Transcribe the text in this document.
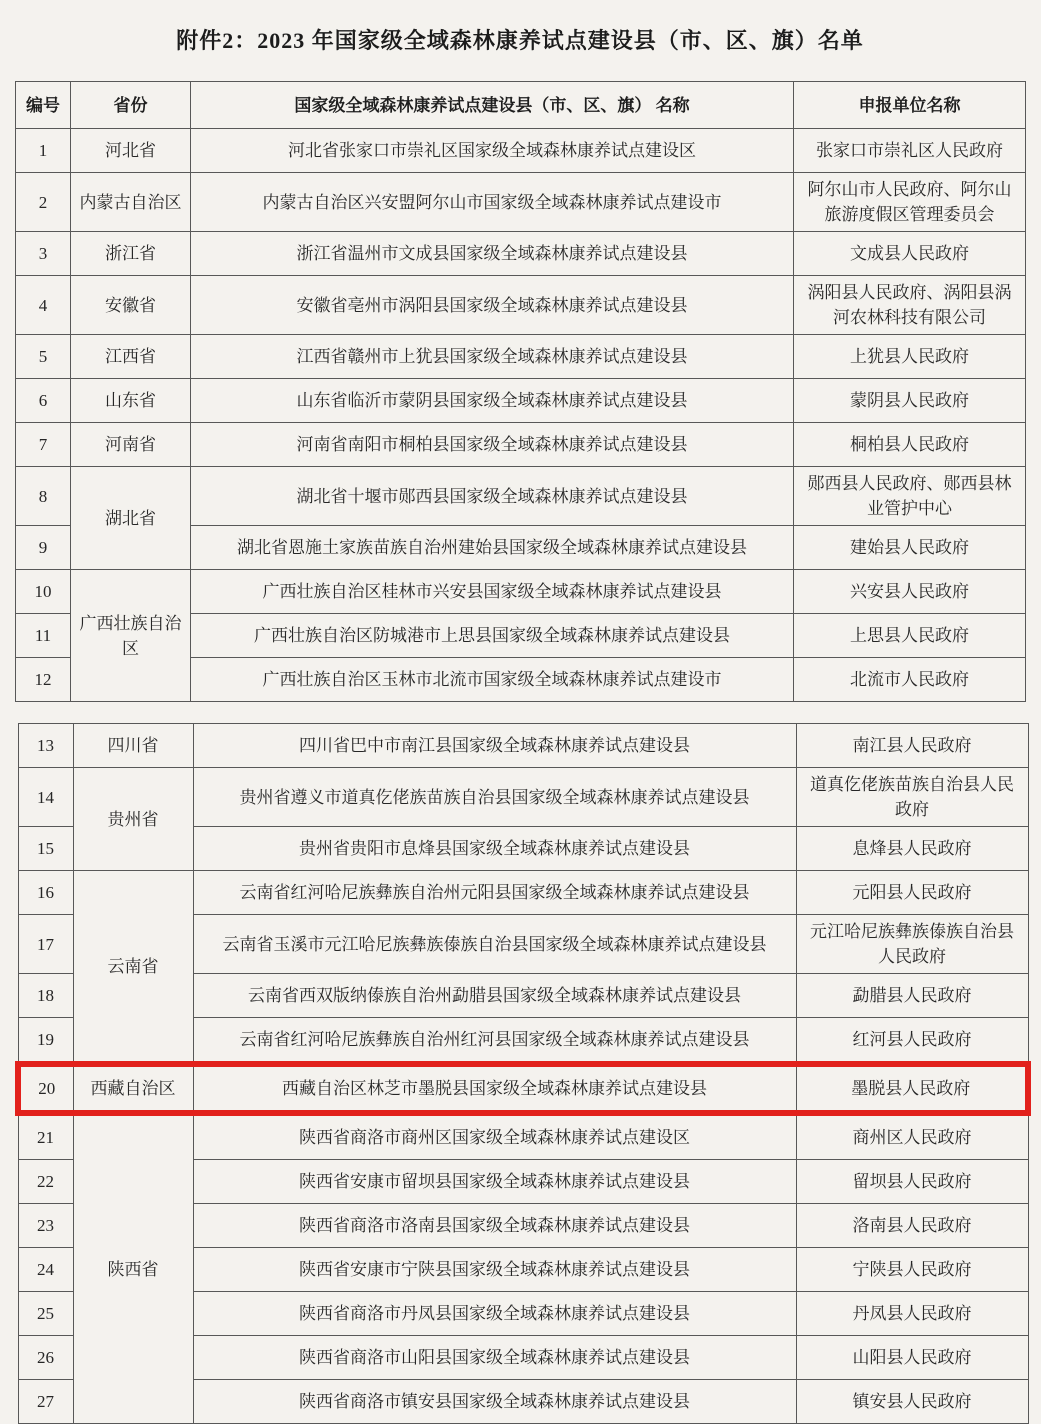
附件2：2023 年国家级全域森林康养试点建设县（市、区、旗）名单
编号	省份	国家级全域森林康养试点建设县（市、区、旗） 名称	申报单位名称
1	河北省	河北省张家口市崇礼区国家级全域森林康养试点建设区	张家口市崇礼区人民政府
2	内蒙古自治区	内蒙古自治区兴安盟阿尔山市国家级全域森林康养试点建设市	阿尔山市人民政府、阿尔山旅游度假区管理委员会
3	浙江省	浙江省温州市文成县国家级全域森林康养试点建设县	文成县人民政府
4	安徽省	安徽省亳州市涡阳县国家级全域森林康养试点建设县	涡阳县人民政府、涡阳县涡河农林科技有限公司
5	江西省	江西省赣州市上犹县国家级全域森林康养试点建设县	上犹县人民政府
6	山东省	山东省临沂市蒙阴县国家级全域森林康养试点建设县	蒙阴县人民政府
7	河南省	河南省南阳市桐柏县国家级全域森林康养试点建设县	桐柏县人民政府
8	湖北省	湖北省十堰市郧西县国家级全域森林康养试点建设县	郧西县人民政府、郧西县林业管护中心
9		湖北省恩施土家族苗族自治州建始县国家级全域森林康养试点建设县	建始县人民政府
10	广西壮族自治区	广西壮族自治区桂林市兴安县国家级全域森林康养试点建设县	兴安县人民政府
11		广西壮族自治区防城港市上思县国家级全域森林康养试点建设县	上思县人民政府
12		广西壮族自治区玉林市北流市国家级全域森林康养试点建设市	北流市人民政府
13	四川省	四川省巴中市南江县国家级全域森林康养试点建设县	南江县人民政府
14	贵州省	贵州省遵义市道真仡佬族苗族自治县国家级全域森林康养试点建设县	道真仡佬族苗族自治县人民政府
15		贵州省贵阳市息烽县国家级全域森林康养试点建设县	息烽县人民政府
16	云南省	云南省红河哈尼族彝族自治州元阳县国家级全域森林康养试点建设县	元阳县人民政府
17		云南省玉溪市元江哈尼族彝族傣族自治县国家级全域森林康养试点建设县	元江哈尼族彝族傣族自治县人民政府
18		云南省西双版纳傣族自治州勐腊县国家级全域森林康养试点建设县	勐腊县人民政府
19		云南省红河哈尼族彝族自治州红河县国家级全域森林康养试点建设县	红河县人民政府
20	西藏自治区	西藏自治区林芝市墨脱县国家级全域森林康养试点建设县	墨脱县人民政府
21	陕西省	陕西省商洛市商州区国家级全域森林康养试点建设区	商州区人民政府
22		陕西省安康市留坝县国家级全域森林康养试点建设县	留坝县人民政府
23		陕西省商洛市洛南县国家级全域森林康养试点建设县	洛南县人民政府
24		陕西省安康市宁陕县国家级全域森林康养试点建设县	宁陕县人民政府
25		陕西省商洛市丹凤县国家级全域森林康养试点建设县	丹凤县人民政府
26		陕西省商洛市山阳县国家级全域森林康养试点建设县	山阳县人民政府
27		陕西省商洛市镇安县国家级全域森林康养试点建设县	镇安县人民政府
